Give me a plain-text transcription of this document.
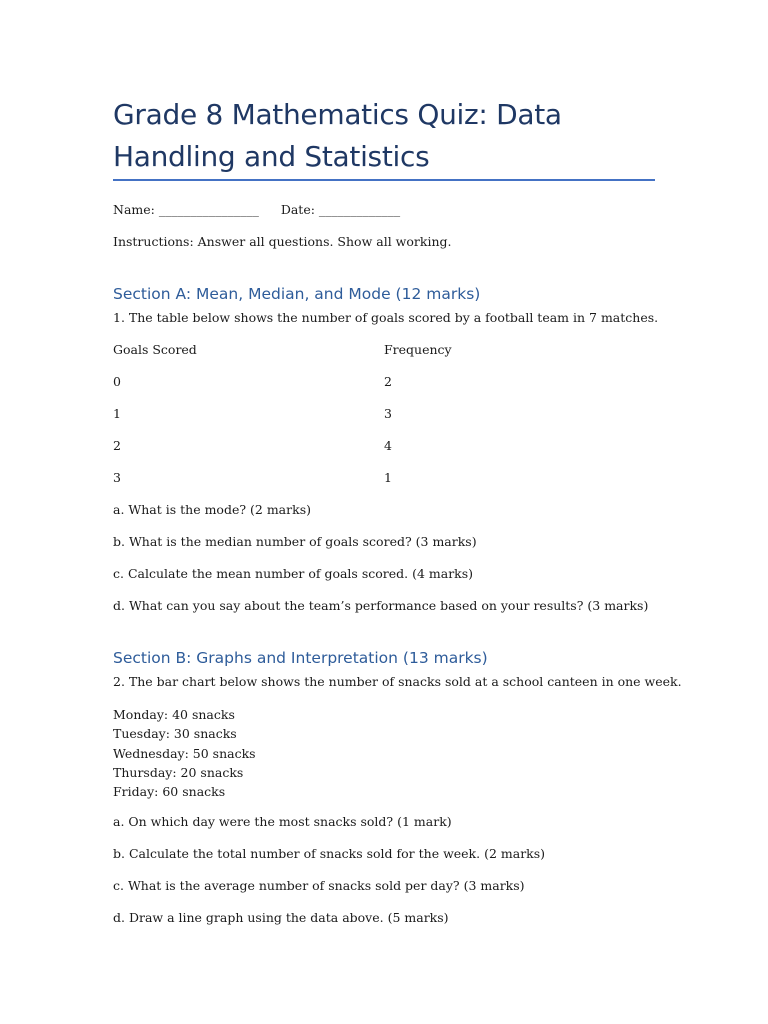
Grade 8 Mathematics Quiz: Data Handling and Statistics

Name: ________________ Date: _____________

Instructions: Answer all questions. Show all working.

Section A: Mean, Median, and Mode (12 marks)

1. The table below shows the number of goals scored by a football team in 7 matches.

Goals Scored	Frequency

0	2

1	3

2	4

3	1

a. What is the mode? (2 marks)

b. What is the median number of goals scored? (3 marks)

c. Calculate the mean number of goals scored. (4 marks)

d. What can you say about the team’s performance based on your results? (3 marks)

Section B: Graphs and Interpretation (13 marks)

2. The bar chart below shows the number of snacks sold at a school canteen in one week.

Monday: 40 snacks
Tuesday: 30 snacks
Wednesday: 50 snacks
Thursday: 20 snacks
Friday: 60 snacks

a. On which day were the most snacks sold? (1 mark)

b. Calculate the total number of snacks sold for the week. (2 marks)

c. What is the average number of snacks sold per day? (3 marks)

d. Draw a line graph using the data above. (5 marks)
